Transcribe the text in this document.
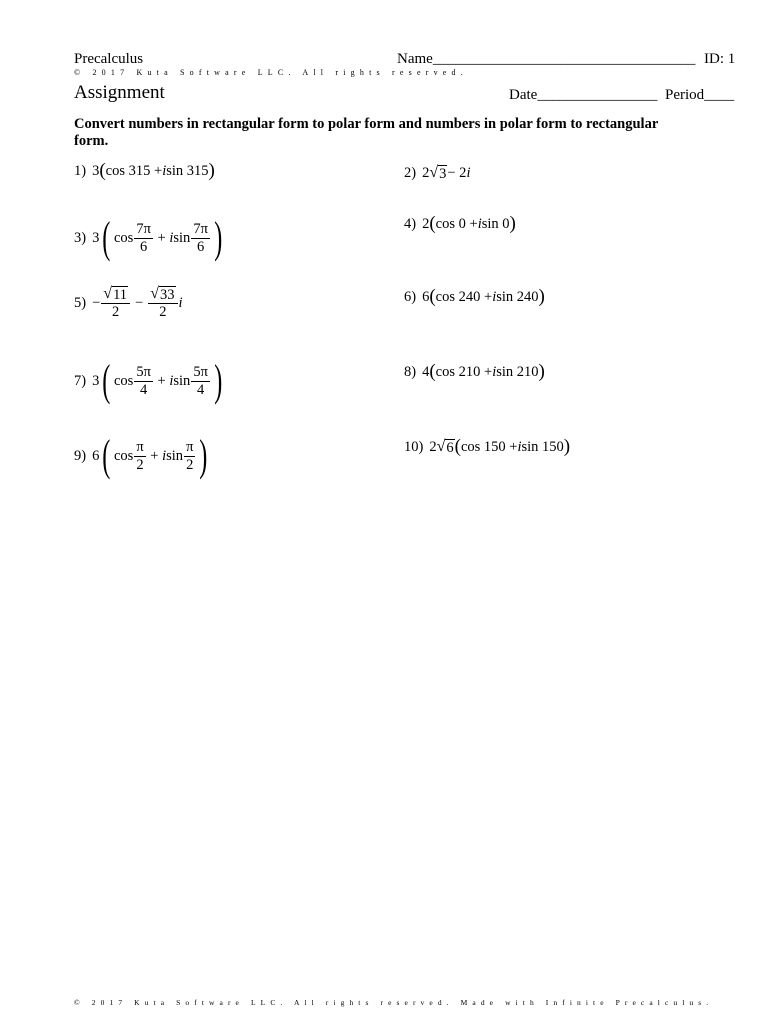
Precalculus	Name___________________________________ ID: 1
© 2017 Kuta Software LLC. All rights reserved.
Assignment	Date________________ Period____
Convert numbers in rectangular form to polar form and numbers in polar form to rectangular form.
1) 3 ( cos 315 + i sin 315 )	2) 2 √ 3 − 2 i
3) 3 ( $\cos \frac{7\pi}{6} + i$ $\sin \frac{7\pi}{6}$ )	4) 2 ( cos 0 + i sin 0 )
$5) - \frac{√ 11}{2} - \frac{√ 33}{2}$ i	6) 6 ( cos 240 + i sin 240 )
7) 3 ( $\cos \frac{5\pi}{4} + i$ $\sin \frac{5\pi}{4}$ )	8) 4 ( cos 210 + i sin 210 )
9) 6 ( $\cos \frac{\pi}{2} + i$ $\sin \frac{\pi}{2}$ )	10) 2 √ 6 ( cos 150 + i sin 150 )
© 2017 Kuta Software LLC. All rights reserved. Made with Infinite Precalculus.
